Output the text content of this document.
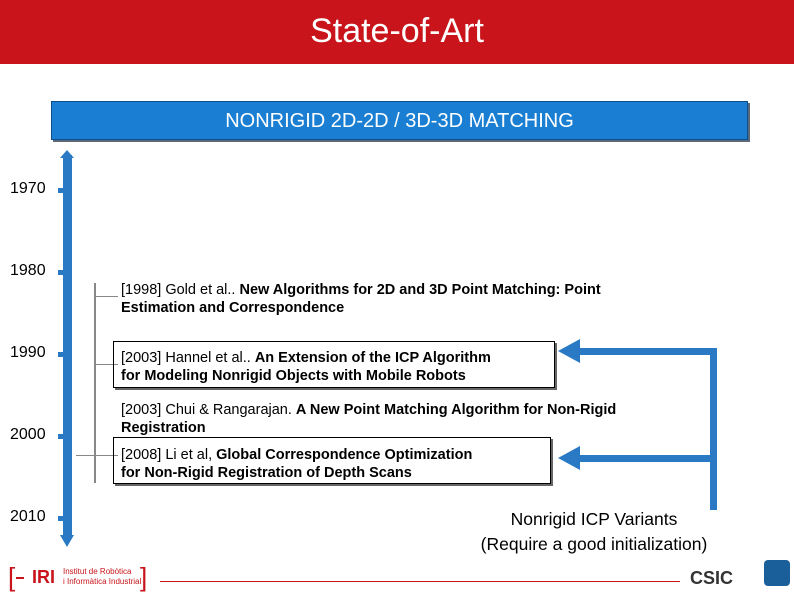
State-of-Art
NONRIGID 2D-2D / 3D-3D MATCHING
1970
1980
1990
2000
2010
[1998] Gold et al.. New Algorithms for 2D and 3D Point Matching: Point
Estimation and Correspondence
[2003] Hannel et al.. An Extension of the ICP Algorithm
for Modeling Nonrigid Objects with Mobile Robots
[2003] Chui & Rangarajan. A New Point Matching Algorithm for Non-Rigid
Registration
[2008] Li et al, Global Correspondence Optimization
for Non-Rigid Registration of Depth Scans
Nonrigid ICP Variants
(Require a good initialization)
[ IRI Institut de Robòtica
i Informàtica Industrial
]	CSIC
